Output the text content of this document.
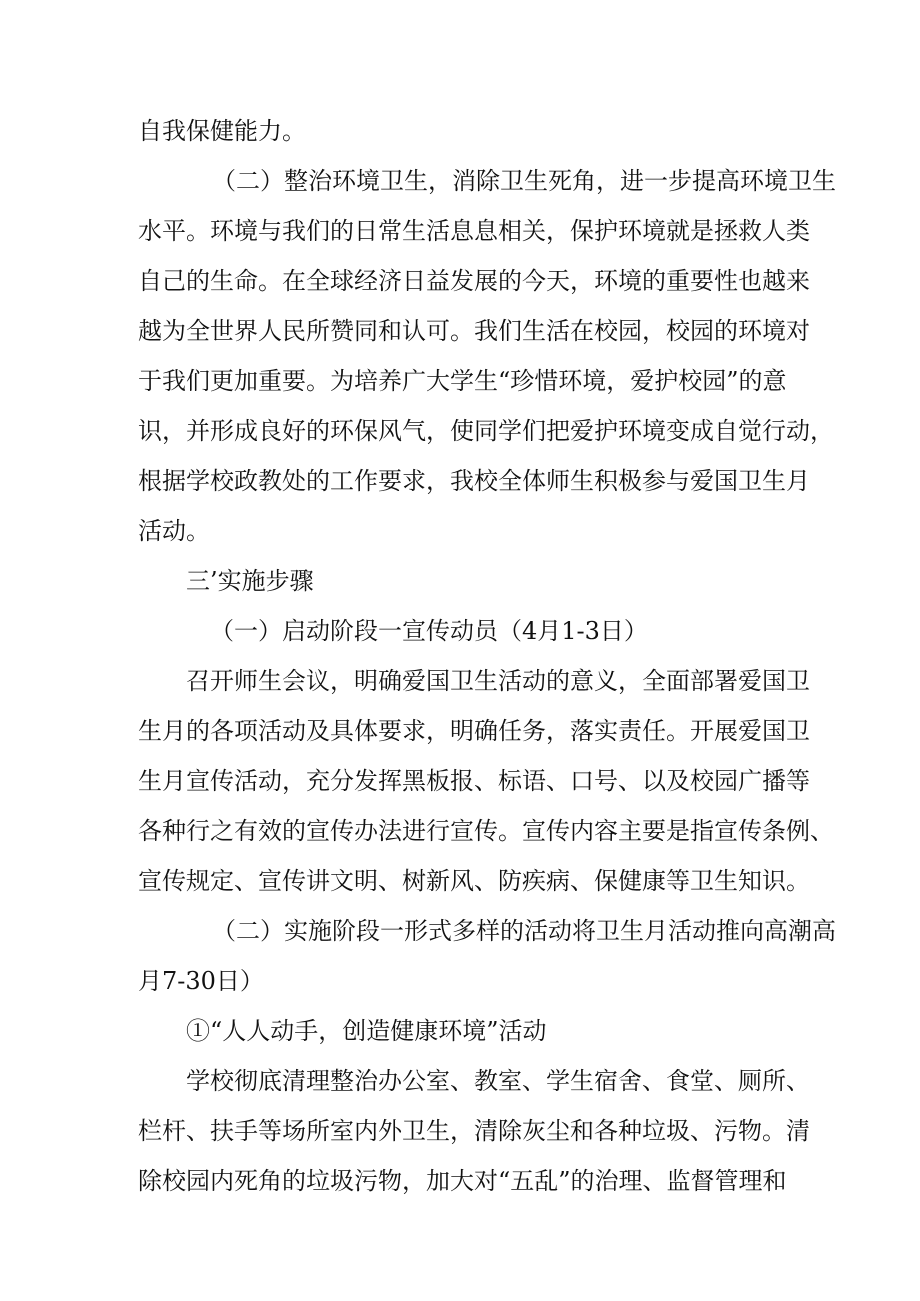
自我保健能力。
（二）整治环境卫生，消除卫生死角，进一步提高环境卫生
水平。环境与我们的日常生活息息相关，保护环境就是拯救人类
自己的生命。在全球经济日益发展的今天，环境的重要性也越来
越为全世界人民所赞同和认可。我们生活在校园，校园的环境对
于我们更加重要。为培养广大学生“珍惜环境，爱护校园”的意
识，并形成良好的环保风气，使同学们把爱护环境变成自觉行动，
根据学校政教处的工作要求，我校全体师生积极参与爱国卫生月
活动。
三’实施步骤
（一）启动阶段一宣传动员（4月1-3日）
召开师生会议，明确爱国卫生活动的意义，全面部署爱国卫
生月的各项活动及具体要求，明确任务，落实责任。开展爱国卫
生月宣传活动，充分发挥黑板报、标语、口号、以及校园广播等
各种行之有效的宣传办法进行宣传。宣传内容主要是指宣传条例、
宣传规定、宣传讲文明、树新风、防疾病、保健康等卫生知识。
（二）实施阶段一形式多样的活动将卫生月活动推向高潮高
月7-30日）
①“人人动手，创造健康环境”活动
学校彻底清理整治办公室、教室、学生宿舍、食堂、厕所、
栏杆、扶手等场所室内外卫生，清除灰尘和各种垃圾、污物。清
除校园内死角的垃圾污物，加大对“五乱”的治理、监督管理和
